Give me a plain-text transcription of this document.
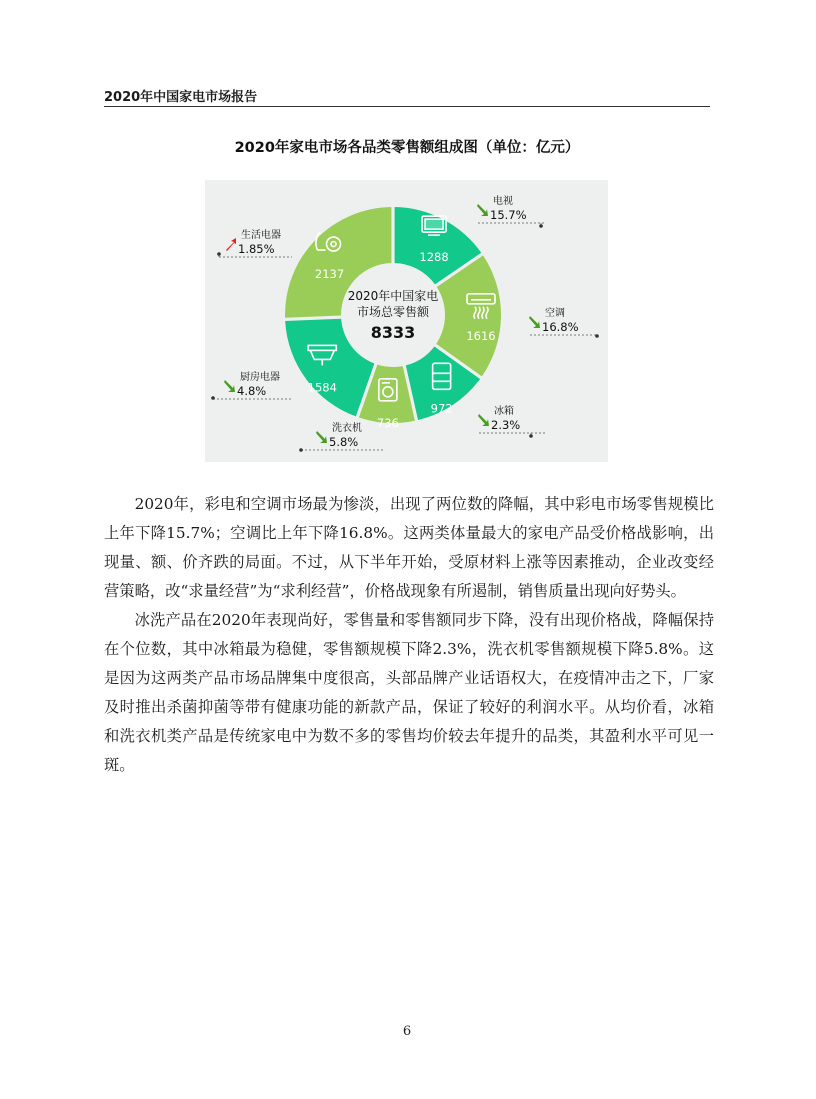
2020年中国家电市场报告
2020年家电市场各品类零售额组成图（单位：亿元）
1288
1616
972
736
1584
2137
电视
15.7%
空调
16.8%
冰箱
2.3%
洗衣机
5.8%
厨房电器
4.8%
生活电器
1.85%
2020年中国家电
市场总零售额
8333

2020年，彩电和空调市场最为惨淡，出现了两位数的降幅，其中彩电市场零售规模比上年下降15.7%；空调比上年下降16.8%。这两类体量最大的家电产品受价格战影响，出现量、额、价齐跌的局面。不过，从下半年开始，受原材料上涨等因素推动，企业改变经营策略，改“求量经营”为“求利经营”，价格战现象有所遏制，销售质量出现向好势头。

冰洗产品在2020年表现尚好，零售量和零售额同步下降，没有出现价格战，降幅保持在个位数，其中冰箱最为稳健，零售额规模下降2.3%，洗衣机零售额规模下降5.8%。这是因为这两类产品市场品牌集中度很高，头部品牌产业话语权大，在疫情冲击之下，厂家及时推出杀菌抑菌等带有健康功能的新款产品，保证了较好的利润水平。从均价看，冰箱和洗衣机类产品是传统家电中为数不多的零售均价较去年提升的品类，其盈利水平可见一斑。

6
